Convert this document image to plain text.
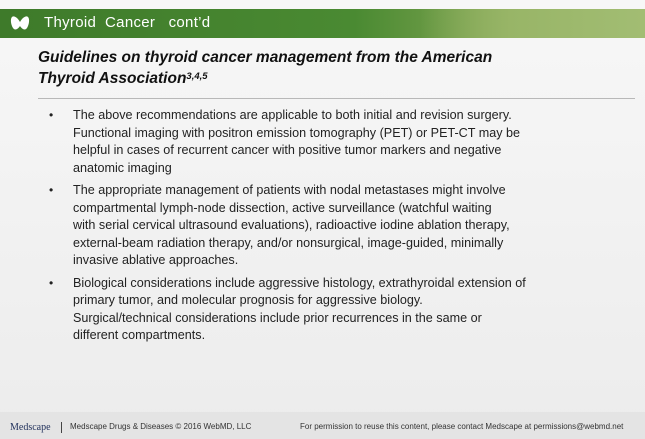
Thyroid  Cancer   cont’d
Guidelines on thyroid cancer management from the American
Thyroid Association$^{3,4,5}$
• The above recommendations are applicable to both initial and revision surgery.
Functional imaging with positron emission tomography (PET) or PET-CT may be
helpful in cases of recurrent cancer with positive tumor markers and negative
anatomic imaging
• The appropriate management of patients with nodal metastases might involve
compartmental lymph-node dissection, active surveillance (watchful waiting
with serial cervical ultrasound evaluations), radioactive iodine ablation therapy,
external-beam radiation therapy, and/or nonsurgical, image-guided, minimally
invasive ablative approaches.
• Biological considerations include aggressive histology, extrathyroidal extension of
primary tumor, and molecular prognosis for aggressive biology.
Surgical/technical considerations include prior recurrences in the same or
different compartments.
Medscape Medscape Drugs & Diseases © 2016 WebMD, LLC	For permission to reuse this content, please contact Medscape at permissions@webmd.net
